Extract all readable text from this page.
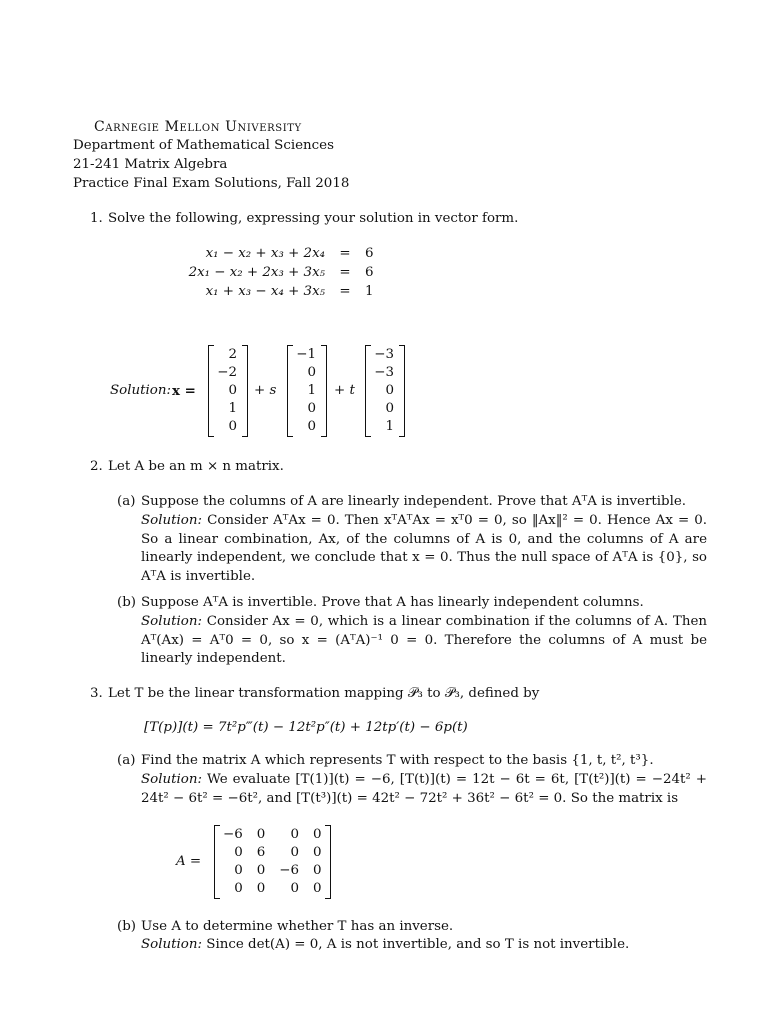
Carnegie Mellon University
Department of Mathematical Sciences
21-241 Matrix Algebra
Practice Final Exam Solutions, Fall 2018
1. Solve the following, expressing your solution in vector form.
x₁ − x₂ + x₃ + 2x₄	=	6
2x₁ − x₂ + 2x₃ + 3x₅	=	6
x₁ + x₃ − x₄ + 3x₅	=	1
Solution: x =
2
−2
0
1
0
+ s
−1
0
1
0
0
+ t
−3
−3
0
0
1
2. Let A be an m × n matrix.
(a) Suppose the columns of A are linearly independent. Prove that AᵀA is invertible.
Solution: Consider AᵀAx = 0. Then xᵀAᵀAx = xᵀ0 = 0, so ‖Ax‖² = 0. Hence Ax = 0. So a linear combination, Ax, of the columns of A is 0, and the columns of A are linearly independent, we conclude that x = 0. Thus the null space of AᵀA is {0}, so AᵀA is invertible.
(b) Suppose AᵀA is invertible. Prove that A has linearly independent columns.
Solution: Consider Ax = 0, which is a linear combination if the columns of A. Then Aᵀ(Ax) = Aᵀ0 = 0, so x = (AᵀA)⁻¹ 0 = 0. Therefore the columns of A must be linearly independent.
3. Let T be the linear transformation mapping 𝒫₃ to 𝒫₃, defined by
[T(p)](t) = 7t²p‴(t) − 12t²p″(t) + 12tp′(t) − 6p(t)
(a) Find the matrix A which represents T with respect to the basis {1, t, t², t³}.
Solution: We evaluate [T(1)](t) = −6, [T(t)](t) = 12t − 6t = 6t, [T(t²)](t) = −24t² + 24t² − 6t² = −6t², and [T(t³)](t) = 42t² − 72t² + 36t² − 6t² = 0. So the matrix is
A =
−6 0	0 0
0 6	0 0
0 0 −6 0
0 0	0 0
(b) Use A to determine whether T has an inverse.
Solution: Since det(A) = 0, A is not invertible, and so T is not invertible.
